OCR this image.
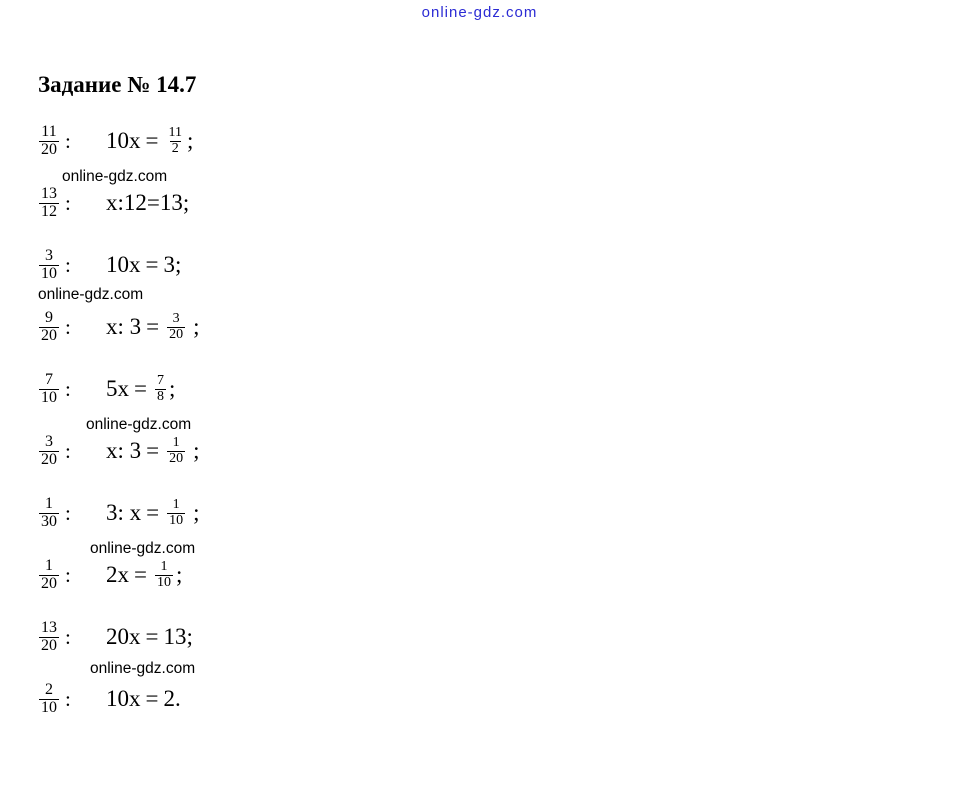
online-gdz.com
Задание № 14.7
$\frac{11}{20}$ : $10x = \frac{11}{2}$ ;
$\frac{13}{12}$ : x:12 = 13 ;
$\frac{3}{10}$ : 10x = 3 ;
$\frac{9}{20}$ : x: $3 = \frac{3}{20}$ ;
$\frac{7}{10}$ : $5x = \frac{7}{8}$ ;
$\frac{3}{20}$ : x: $3 = \frac{1}{20}$ ;
$\frac{1}{30}$ : 3: $x = \frac{1}{10}$ ;
$\frac{1}{20}$ : $2x = \frac{1}{10}$ ;
$\frac{13}{20}$ : 20x = 13 ;
$\frac{2}{10}$ : 10x = 2 .
online-gdz.com
online-gdz.com
online-gdz.com
online-gdz.com
online-gdz.com
